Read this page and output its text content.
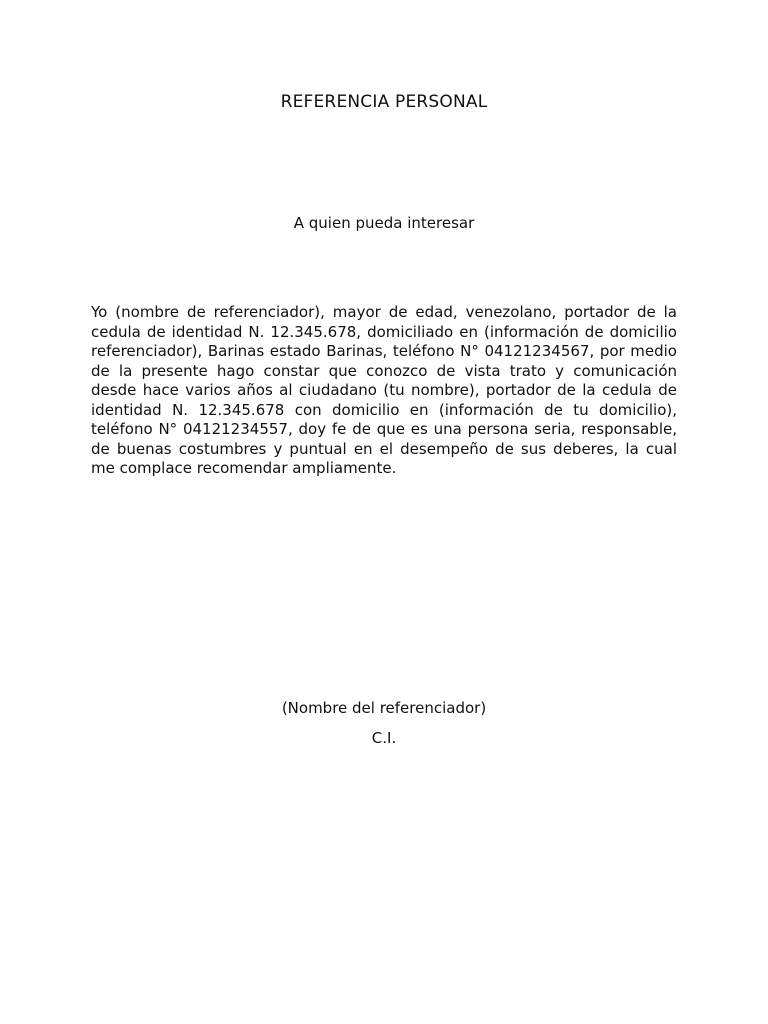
REFERENCIA PERSONAL
A quien pueda interesar

Yo (nombre de referenciador), mayor de edad, venezolano, portador de la cedula de identidad N. 12.345.678, domiciliado en (información de domicilio referenciador), Barinas estado Barinas, teléfono N° 04121234567, por medio de la presente hago constar que conozco de vista trato y comunicación desde hace varios años al ciudadano (tu nombre), portador de la cedula de identidad N. 12.345.678 con domicilio en (información de tu domicilio), teléfono N° 04121234557, doy fe de que es una persona seria, responsable, de buenas costumbres y puntual en el desempeño de sus deberes, la cual me complace recomendar ampliamente.

(Nombre del referenciador)
C.I.
